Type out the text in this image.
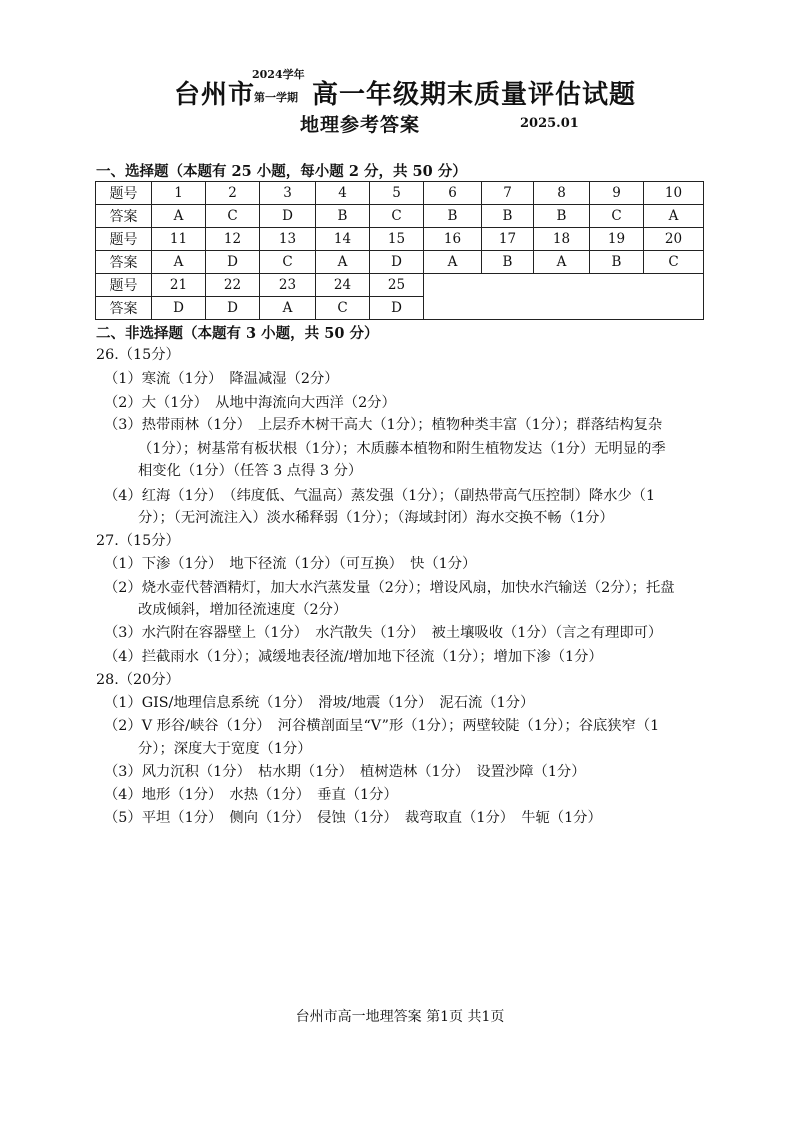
台州市
2024学年
第一学期 高一年级期末质量评估试题
地理参考答案	2025.01
一、选择题（本题有 25 小题，每小题 2 分，共 50 分）
题号	1	2	3	4	5	6	7	8	9	10
答案	A	C	D	B	C	B	B	B	C	A
题号	11	12	13	14	15	16	17	18	19	20
答案	A	D	C	A	D	A	B	A	B	C
题号	21	22	23	24	25					
答案	D	D	A	C	D					
二、非选择题（本题有 3 小题，共 50 分）
26.（15分）
（1）寒流（1分）　降温减湿（2分）
（2）大（1分）　从地中海流向大西洋（2分）
（3）热带雨林（1分）　上层乔木树干高大（1分）；植物种类丰富（1分）；群落结构复杂
（1分）；树基常有板状根（1分）；木质藤本植物和附生植物发达（1分）无明显的季
相变化（1分）（任答 3 点得 3 分）
（4）红海（1分）　（纬度低、气温高）蒸发强（1分）；（副热带高气压控制）降水少（1
分）；（无河流注入）淡水稀释弱（1分）；（海域封闭）海水交换不畅（1分）
27.（15分）
（1）下渗（1分）　地下径流（1分）（可互换）　快（1分）
（2）烧水壶代替酒精灯，加大水汽蒸发量（2分）；增设风扇，加快水汽输送（2分）；托盘
改成倾斜，增加径流速度（2分）
（3）水汽附在容器壁上（1分）　水汽散失（1分）　被土壤吸收（1分）（言之有理即可）
（4）拦截雨水（1分）；减缓地表径流/增加地下径流（1分）；增加下渗（1分）
28.（20分）
（1）GIS/地理信息系统（1分）　滑坡/地震（1分）　泥石流（1分）
（2）V 形谷/峡谷（1分）　河谷横剖面呈“V”形（1分）；两壁较陡（1分）；谷底狭窄（1
分）；深度大于宽度（1分）
（3）风力沉积（1分）　枯水期（1分）　植树造林（1分）　设置沙障（1分）
（4）地形（1分）　水热（1分）　垂直（1分）
（5）平坦（1分）　侧向（1分）　侵蚀（1分）　裁弯取直（1分）　牛轭（1分）
台州市高一地理答案 第1页 共1页
